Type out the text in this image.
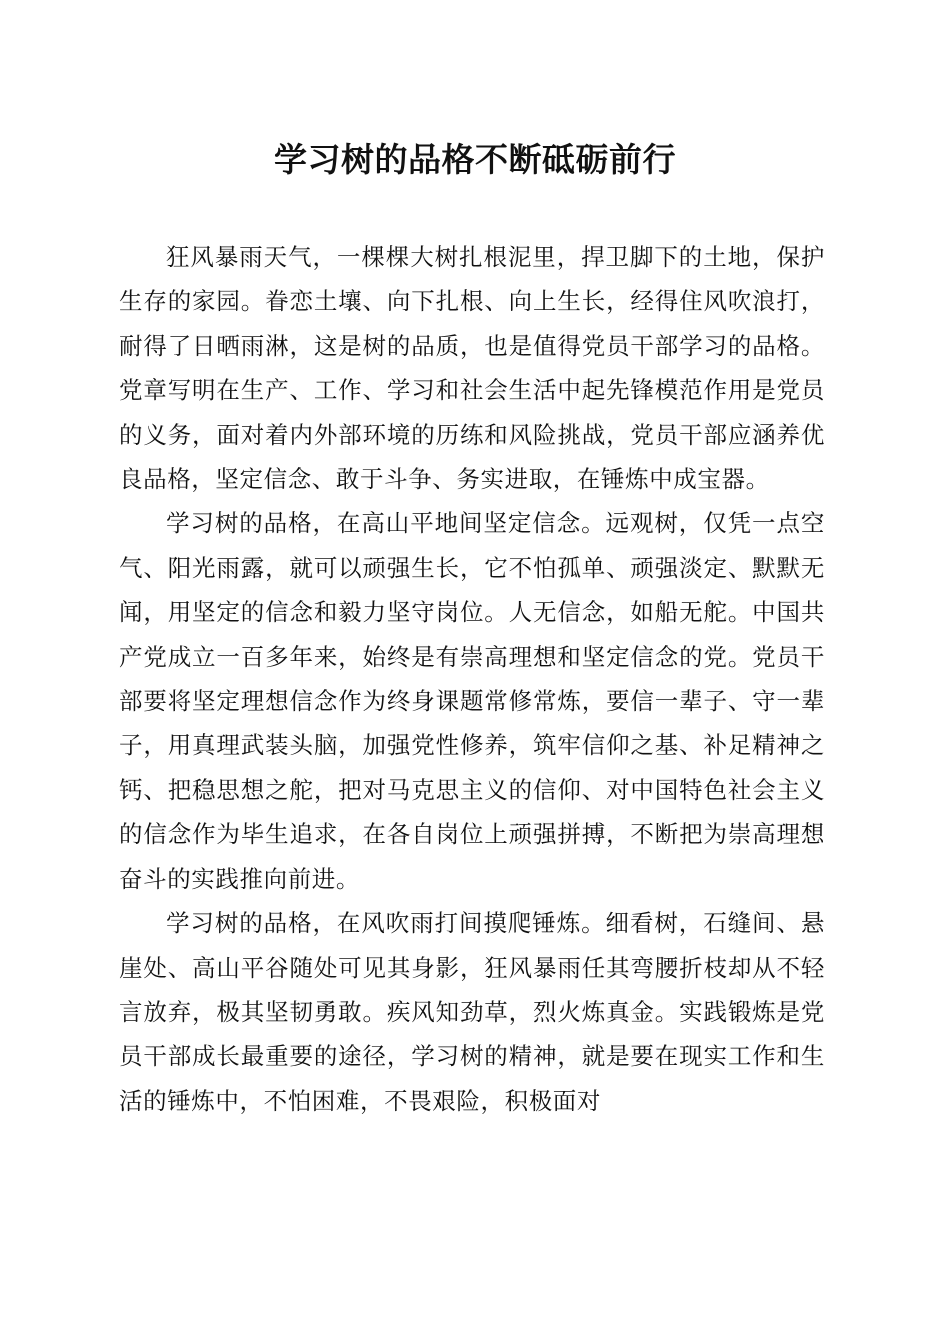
学习树的品格不断砥砺前行

狂风暴雨天气，一棵棵大树扎根泥里，捍卫脚下的土地，保护生存的家园。眷恋土壤、向下扎根、向上生长，经得住风吹浪打，耐得了日晒雨淋，这是树的品质，也是值得党员干部学习的品格。党章写明在生产、工作、学习和社会生活中起先锋模范作用是党员的义务，面对着内外部环境的历练和风险挑战，党员干部应涵养优良品格，坚定信念、敢于斗争、务实进取，在锤炼中成宝器。

学习树的品格，在高山平地间坚定信念。远观树，仅凭一点空气、阳光雨露，就可以顽强生长，它不怕孤单、顽强淡定、默默无闻，用坚定的信念和毅力坚守岗位。人无信念，如船无舵。中国共产党成立一百多年来，始终是有崇高理想和坚定信念的党。党员干部要将坚定理想信念作为终身课题常修常炼，要信一辈子、守一辈子，用真理武装头脑，加强党性修养，筑牢信仰之基、补足精神之钙、把稳思想之舵，把对马克思主义的信仰、对中国特色社会主义的信念作为毕生追求，在各自岗位上顽强拼搏，不断把为崇高理想奋斗的实践推向前进。

学习树的品格，在风吹雨打间摸爬锤炼。细看树，石缝间、悬崖处、高山平谷随处可见其身影，狂风暴雨任其弯腰折枝却从不轻言放弃，极其坚韧勇敢。疾风知劲草，烈火炼真金。实践锻炼是党员干部成长最重要的途径，学习树的精神，就是要在现实工作和生活的锤炼中，不怕困难，不畏艰险，积极面对
